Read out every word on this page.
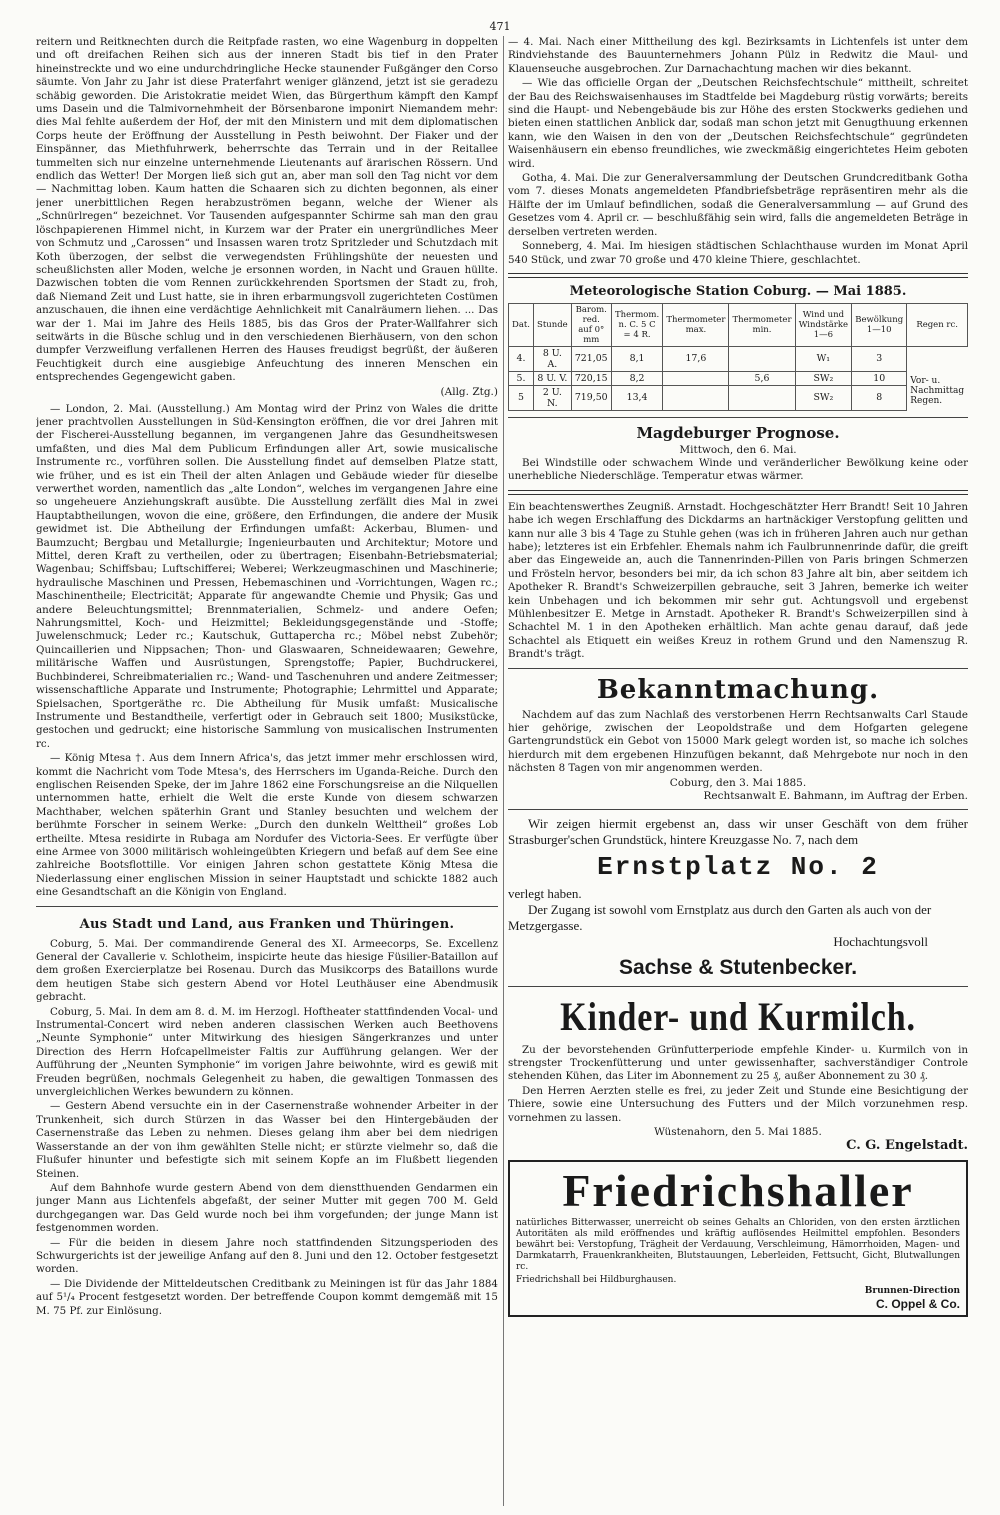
471

reitern und Reitknechten durch die Reitpfade rasten, wo eine Wagenburg in doppelten und oft dreifachen Reihen sich aus der inneren Stadt bis tief in den Prater hineinstreckte und wo eine undurchdringliche Hecke staunender Fußgänger den Corso säumte. Von Jahr zu Jahr ist diese Praterfahrt weniger glänzend, jetzt ist sie geradezu schäbig geworden. Die Aristokratie meidet Wien, das Bürgerthum kämpft den Kampf ums Dasein und die Talmivornehmheit der Börsenbarone imponirt Niemandem mehr: dies Mal fehlte außerdem der Hof, der mit den Ministern und mit dem diplomatischen Corps heute der Eröffnung der Ausstellung in Pesth beiwohnt. Der Fiaker und der Einspänner, das Miethfuhrwerk, beherrschte das Terrain und in der Reitallee tummelten sich nur einzelne unternehmende Lieutenants auf ärarischen Rössern. Und endlich das Wetter! Der Morgen ließ sich gut an, aber man soll den Tag nicht vor dem — Nachmittag loben. Kaum hatten die Schaaren sich zu dichten begonnen, als einer jener unerbittlichen Regen herabzuströmen begann, welche der Wiener als „Schnürlregen“ bezeichnet. Vor Tausenden aufgespannter Schirme sah man den grau löschpapierenen Himmel nicht, in Kurzem war der Prater ein unergründliches Meer von Schmutz und „Carossen“ und Insassen waren trotz Spritzleder und Schutzdach mit Koth überzogen, der selbst die verwegendsten Frühlingshüte der neuesten und scheußlichsten aller Moden, welche je ersonnen worden, in Nacht und Grauen hüllte. Dazwischen tobten die vom Rennen zurückkehrenden Sportsmen der Stadt zu, froh, daß Niemand Zeit und Lust hatte, sie in ihren erbarmungsvoll zugerichteten Costümen anzuschauen, die ihnen eine verdächtige Aehnlichkeit mit Canalräumern liehen. ... Das war der 1. Mai im Jahre des Heils 1885, bis das Gros der Prater-Wallfahrer sich seitwärts in die Büsche schlug und in den verschiedenen Bierhäusern, von den schon dumpfer Verzweiflung verfallenen Herren des Hauses freudigst begrüßt, der äußeren Feuchtigkeit durch eine ausgiebige Anfeuchtung des inneren Menschen ein entsprechendes Gegengewicht gaben.

(Allg. Ztg.)

— London, 2. Mai. (Ausstellung.) Am Montag wird der Prinz von Wales die dritte jener prachtvollen Ausstellungen in Süd-Kensington eröffnen, die vor drei Jahren mit der Fischerei-Ausstellung begannen, im vergangenen Jahre das Gesundheitswesen umfaßten, und dies Mal dem Publicum Erfindungen aller Art, sowie musicalische Instrumente rc., vorführen sollen. Die Ausstellung findet auf demselben Platze statt, wie früher, und es ist ein Theil der alten Anlagen und Gebäude wieder für dieselbe verwerthet worden, namentlich das „alte London“, welches im vergangenen Jahre eine so ungeheuere Anziehungskraft ausübte. Die Ausstellung zerfällt dies Mal in zwei Hauptabtheilungen, wovon die eine, größere, den Erfindungen, die andere der Musik gewidmet ist. Die Abtheilung der Erfindungen umfaßt: Ackerbau, Blumen- und Baumzucht; Bergbau und Metallurgie; Ingenieurbauten und Architektur; Motore und Mittel, deren Kraft zu vertheilen, oder zu übertragen; Eisenbahn-Betriebsmaterial; Wagenbau; Schiffsbau; Luftschifferei; Weberei; Werkzeugmaschinen und Maschinerie; hydraulische Maschinen und Pressen, Hebemaschinen und -Vorrichtungen, Wagen rc.; Maschinentheile; Electricität; Apparate für angewandte Chemie und Physik; Gas und andere Beleuchtungsmittel; Brennmaterialien, Schmelz- und andere Oefen; Nahrungsmittel, Koch- und Heizmittel; Bekleidungsgegenstände und -Stoffe; Juwelenschmuck; Leder rc.; Kautschuk, Guttapercha rc.; Möbel nebst Zubehör; Quincaillerien und Nippsachen; Thon- und Glaswaaren, Schneidewaaren; Gewehre, militärische Waffen und Ausrüstungen, Sprengstoffe; Papier, Buchdruckerei, Buchbinderei, Schreibmaterialien rc.; Wand- und Taschenuhren und andere Zeitmesser; wissenschaftliche Apparate und Instrumente; Photographie; Lehrmittel und Apparate; Spielsachen, Sportgeräthe rc. Die Abtheilung für Musik umfaßt: Musicalische Instrumente und Bestandtheile, verfertigt oder in Gebrauch seit 1800; Musikstücke, gestochen und gedruckt; eine historische Sammlung von musicalischen Instrumenten rc.

— König Mtesa †. Aus dem Innern Africa's, das jetzt immer mehr erschlossen wird, kommt die Nachricht vom Tode Mtesa's, des Herrschers im Uganda-Reiche. Durch den englischen Reisenden Speke, der im Jahre 1862 eine Forschungsreise an die Nilquellen unternommen hatte, erhielt die Welt die erste Kunde von diesem schwarzen Machthaber, welchen späterhin Grant und Stanley besuchten und welchem der berühmte Forscher in seinem Werke: „Durch den dunkeln Welttheil“ großes Lob ertheilte. Mtesa residirte in Rubaga am Nordufer des Victoria-Sees. Er verfügte über eine Armee von 3000 militärisch wohleingeübten Kriegern und befaß auf dem See eine zahlreiche Bootsflottille. Vor einigen Jahren schon gestattete König Mtesa die Niederlassung einer englischen Mission in seiner Hauptstadt und schickte 1882 auch eine Gesandtschaft an die Königin von England.

Aus Stadt und Land, aus Franken und Thüringen.

Coburg, 5. Mai. Der commandirende General des XI. Armeecorps, Se. Excellenz General der Cavallerie v. Schlotheim, inspicirte heute das hiesige Füsilier-Bataillon auf dem großen Exercierplatze bei Rosenau. Durch das Musikcorps des Bataillons wurde dem heutigen Stabe sich gestern Abend vor Hotel Leuthäuser eine Abendmusik gebracht.

Coburg, 5. Mai. In dem am 8. d. M. im Herzogl. Hoftheater stattfindenden Vocal- und Instrumental-Concert wird neben anderen classischen Werken auch Beethovens „Neunte Symphonie“ unter Mitwirkung des hiesigen Sängerkranzes und unter Direction des Herrn Hofcapellmeister Faltis zur Aufführung gelangen. Wer der Aufführung der „Neunten Symphonie“ im vorigen Jahre beiwohnte, wird es gewiß mit Freuden begrüßen, nochmals Gelegenheit zu haben, die gewaltigen Tonmassen des unvergleichlichen Werkes bewundern zu können.

— Gestern Abend versuchte ein in der Casernenstraße wohnender Arbeiter in der Trunkenheit, sich durch Stürzen in das Wasser bei den Hintergebäuden der Casernenstraße das Leben zu nehmen. Dieses gelang ihm aber bei dem niedrigen Wasserstande an der von ihm gewählten Stelle nicht; er stürzte vielmehr so, daß die Flußufer hinunter und befestigte sich mit seinem Kopfe an im Flußbett liegenden Steinen.

Auf dem Bahnhofe wurde gestern Abend von dem dienstthuenden Gendarmen ein junger Mann aus Lichtenfels abgefaßt, der seiner Mutter mit gegen 700 M. Geld durchgegangen war. Das Geld wurde noch bei ihm vorgefunden; der junge Mann ist festgenommen worden.

— Für die beiden in diesem Jahre noch stattfindenden Sitzungsperioden des Schwurgerichts ist der jeweilige Anfang auf den 8. Juni und den 12. October festgesetzt worden.

— Die Dividende der Mitteldeutschen Creditbank zu Meiningen ist für das Jahr 1884 auf 5¹/₄ Procent festgesetzt worden. Der betreffende Coupon kommt demgemäß mit 15 M. 75 Pf. zur Einlösung.

— 4. Mai. Nach einer Mittheilung des kgl. Bezirksamts in Lichtenfels ist unter dem Rindviehstande des Bauunternehmers Johann Pülz in Redwitz die Maul- und Klauenseuche ausgebrochen. Zur Darnachachtung machen wir dies bekannt.

— Wie das officielle Organ der „Deutschen Reichsfechtschule“ mittheilt, schreitet der Bau des Reichswaisenhauses im Stadtfelde bei Magdeburg rüstig vorwärts; bereits sind die Haupt- und Nebengebäude bis zur Höhe des ersten Stockwerks gediehen und bieten einen stattlichen Anblick dar, sodaß man schon jetzt mit Genugthuung erkennen kann, wie den Waisen in den von der „Deutschen Reichsfechtschule“ gegründeten Waisenhäusern ein ebenso freundliches, wie zweckmäßig eingerichtetes Heim geboten wird.

Gotha, 4. Mai. Die zur Generalversammlung der Deutschen Grundcreditbank Gotha vom 7. dieses Monats angemeldeten Pfandbriefsbeträge repräsentiren mehr als die Hälfte der im Umlauf befindlichen, sodaß die Generalversammlung — auf Grund des Gesetzes vom 4. April cr. — beschlußfähig sein wird, falls die angemeldeten Beträge in derselben vertreten werden.

Sonneberg, 4. Mai. Im hiesigen städtischen Schlachthause wurden im Monat April 540 Stück, und zwar 70 große und 470 kleine Thiere, geschlachtet.

Meteorologische Station Coburg. — Mai 1885.
Dat.	Stunde	Barom. red. auf 0° mm	Thermom. n. C. 5 C = 4 R.	Thermometer max.	Thermometer min.	Wind und Windstärke 1—6	Bewölkung 1—10	Regen rc.
4.	8 U. A.	721,05	8,1	17,6		W₁	3	
5.	8 U. V.	720,15	8,2		5,6	SW₂	10	Vor- u. Nachmittag Regen.
5	2 U. N.	719,50	13,4			SW₂	8	
Magdeburger Prognose.
Mittwoch, den 6. Mai.

Bei Windstille oder schwachem Winde und veränderlicher Bewölkung keine oder unerhebliche Niederschläge. Temperatur etwas wärmer.

Ein beachtenswerthes Zeugniß. Arnstadt. Hochgeschätzter Herr Brandt! Seit 10 Jahren habe ich wegen Erschlaffung des Dickdarms an hartnäckiger Verstopfung gelitten und kann nur alle 3 bis 4 Tage zu Stuhle gehen (was ich in früheren Jahren auch nur gethan habe); letzteres ist ein Erbfehler. Ehemals nahm ich Faulbrunnenrinde dafür, die greift aber das Eingeweide an, auch die Tannenrinden-Pillen von Paris bringen Schmerzen und Frösteln hervor, besonders bei mir, da ich schon 83 Jahre alt bin, aber seitdem ich Apotheker R. Brandt's Schweizerpillen gebrauche, seit 3 Jahren, bemerke ich weiter kein Unbehagen und ich bekommen mir sehr gut. Achtungsvoll und ergebenst Mühlenbesitzer E. Metge in Arnstadt. Apotheker R. Brandt's Schweizerpillen sind à Schachtel M. 1 in den Apotheken erhältlich. Man achte genau darauf, daß jede Schachtel als Etiquett ein weißes Kreuz in rothem Grund und den Namenszug R. Brandt's trägt.

Bekanntmachung.

Nachdem auf das zum Nachlaß des verstorbenen Herrn Rechtsanwalts Carl Staude hier gehörige, zwischen der Leopoldstraße und dem Hofgarten gelegene Gartengrundstück ein Gebot von 15000 Mark gelegt worden ist, so mache ich solches hierdurch mit dem ergebenen Hinzufügen bekannt, daß Mehrgebote nur noch in den nächsten 8 Tagen von mir angenommen werden.

Coburg, den 3. Mai 1885.
Rechtsanwalt E. Bahmann, im Auftrag der Erben.

Wir zeigen hiermit ergebenst an, dass wir unser Geschäft von dem früher Strasburger'schen Grundstück, hintere Kreuzgasse No. 7, nach dem

Ernstplatz No. 2

verlegt haben.

Der Zugang ist sowohl vom Ernstplatz aus durch den Garten als auch von der Metzgergasse.

Hochachtungsvoll

Sachse & Stutenbecker.
Kinder- und Kurmilch.

Zu der bevorstehenden Grünfutterperiode empfehle Kinder- u. Kurmilch von in strengster Trockenfütterung und unter gewissenhafter, sachverständiger Controle stehenden Kühen, das Liter im Abonnement zu 25 ₰, außer Abonnement zu 30 ₰.

Den Herren Aerzten stelle es frei, zu jeder Zeit und Stunde eine Besichtigung der Thiere, sowie eine Untersuchung des Futters und der Milch vorzunehmen resp. vornehmen zu lassen.

Wüstenahorn, den 5. Mai 1885.
C. G. Engelstadt.
Friedrichshaller

natürliches Bitterwasser, unerreicht ob seines Gehalts an Chloriden, von den ersten ärztlichen Autoritäten als mild eröffnendes und kräftig auflösendes Heilmittel empfohlen. Besonders bewährt bei: Verstopfung, Trägheit der Verdauung, Verschleimung, Hämorrhoiden, Magen- und Darmkatarrh, Frauenkrankheiten, Blutstauungen, Leberleiden, Fettsucht, Gicht, Blutwallungen rc.

Friedrichshall bei Hildburghausen.
Brunnen-Direction
C. Oppel & Co.
